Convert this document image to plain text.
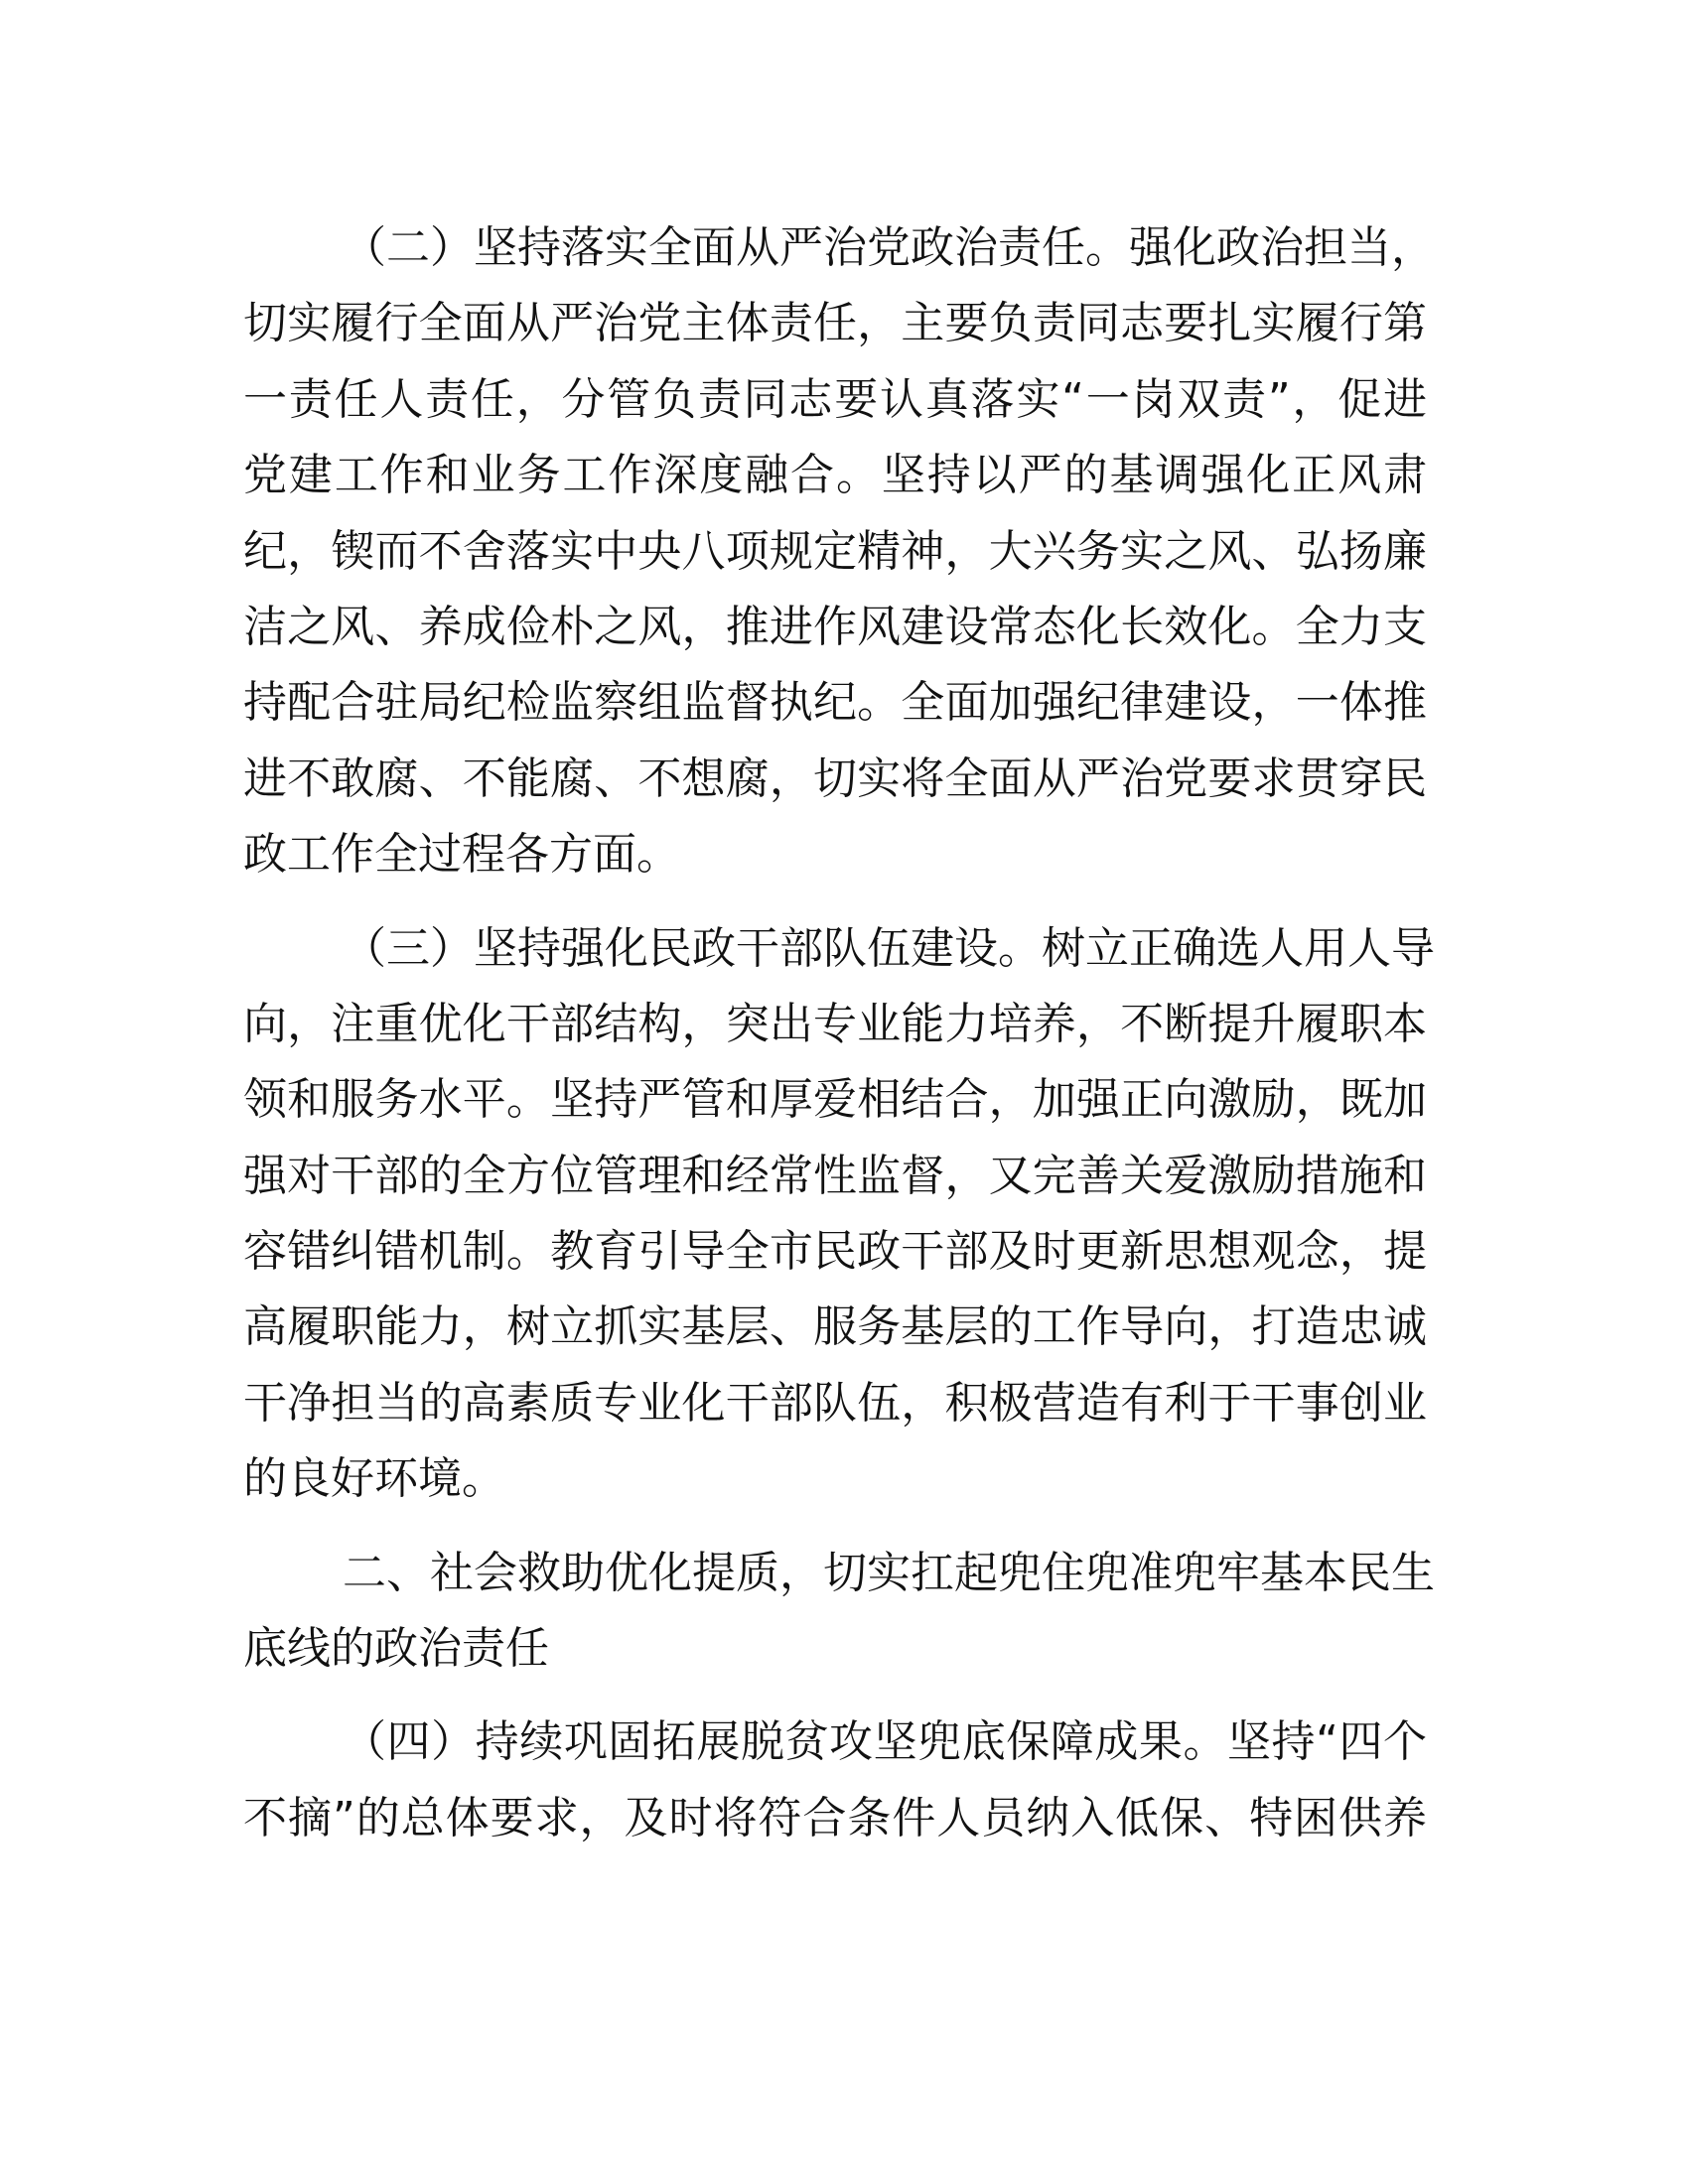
（二）坚持落实全面从严治党政治责任。强化政治担当，
切实履行全面从严治党主体责任，主要负责同志要扎实履行第
一责任人责任，分管负责同志要认真落实“一岗双责”，促进
党建工作和业务工作深度融合。坚持以严的基调强化正风肃
纪，锲而不舍落实中央八项规定精神，大兴务实之风、弘扬廉
洁之风、养成俭朴之风，推进作风建设常态化长效化。全力支
持配合驻局纪检监察组监督执纪。全面加强纪律建设，一体推
进不敢腐、不能腐、不想腐，切实将全面从严治党要求贯穿民
政工作全过程各方面。
（三）坚持强化民政干部队伍建设。树立正确选人用人导
向，注重优化干部结构，突出专业能力培养，不断提升履职本
领和服务水平。坚持严管和厚爱相结合，加强正向激励，既加
强对干部的全方位管理和经常性监督，又完善关爱激励措施和
容错纠错机制。教育引导全市民政干部及时更新思想观念，提
高履职能力，树立抓实基层、服务基层的工作导向，打造忠诚
干净担当的高素质专业化干部队伍，积极营造有利于干事创业
的良好环境。
二、社会救助优化提质，切实扛起兜住兜准兜牢基本民生
底线的政治责任
（四）持续巩固拓展脱贫攻坚兜底保障成果。坚持“四个
不摘”的总体要求，及时将符合条件人员纳入低保、特困供养
